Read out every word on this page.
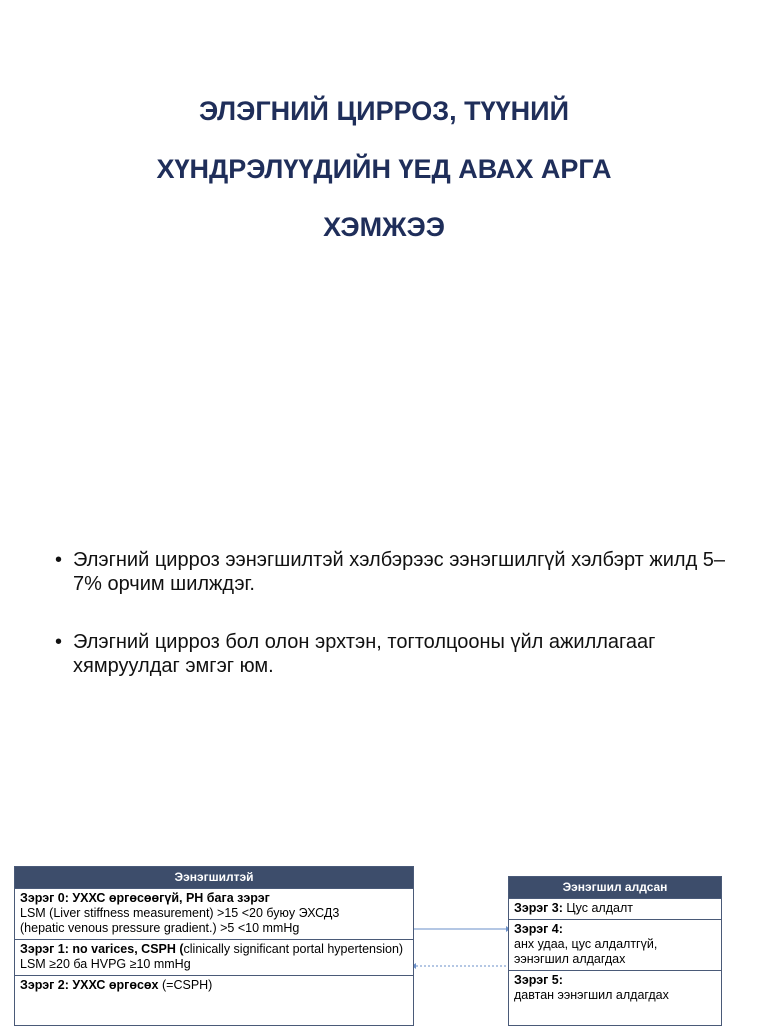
ЭЛЭГНИЙ ЦИРРОЗ, ТҮҮНИЙ
ХҮНДРЭЛҮҮДИЙН ҮЕД АВАХ АРГА
ХЭМЖЭЭ
• Элэгний цирроз ээнэгшилтэй хэлбэрээс ээнэгшилгүй хэлбэрт жилд 5–7% орчим шилждэг.
• Элэгний цирроз бол олон эрхтэн, тогтолцооны үйл ажиллагааг хямруулдаг эмгэг юм.
Ээнэгшилтэй
Зэрэг 0: УХХС өргөсөөгүй, PH бага зэрэг
LSM (Liver stiffness measurement) >15 <20 буюу ЭХСД3
(hepatic venous pressure gradient.) >5 <10 mmHg
Зэрэг 1: no varices, CSPH (clinically significant portal hypertension)
LSM ≥20 ба HVPG ≥10 mmHg
Зэрэг 2: УХХС өргөсөх (=CSPH)
Ээнэгшил алдсан
Зэрэг 3: Цус алдалт
Зэрэг 4:
анх удаа, цус алдалтгүй,
ээнэгшил алдагдах
Зэрэг 5:
давтан ээнэгшил алдагдах
